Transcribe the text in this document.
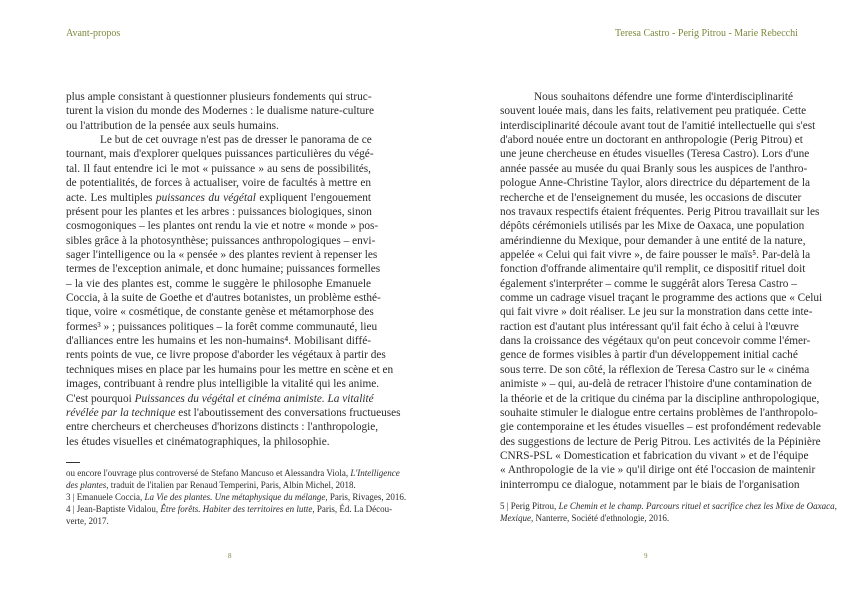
Avant-propos	Teresa Castro - Perig Pitrou - Marie Rebecchi
plus ample consistant à questionner plusieurs fondements qui struc-
turent la vision du monde des Modernes : le dualisme nature-culture
ou l'attribution de la pensée aux seuls humains.
Le but de cet ouvrage n'est pas de dresser le panorama de ce
tournant, mais d'explorer quelques puissances particulières du végé-
tal. Il faut entendre ici le mot « puissance » au sens de possibilités,
de potentialités, de forces à actualiser, voire de facultés à mettre en
acte. Les multiples puissances du végétal expliquent l'engouement
présent pour les plantes et les arbres : puissances biologiques, sinon
cosmogoniques – les plantes ont rendu la vie et notre « monde » pos-
sibles grâce à la photosynthèse; puissances anthropologiques – envi-
sager l'intelligence ou la « pensée » des plantes revient à repenser les
termes de l'exception animale, et donc humaine; puissances formelles
– la vie des plantes est, comme le suggère le philosophe Emanuele
Coccia, à la suite de Goethe et d'autres botanistes, un problème esthé-
tique, voire « cosmétique, de constante genèse et métamorphose des
formes³ » ; puissances politiques – la forêt comme communauté, lieu
d'alliances entre les humains et les non-humains⁴. Mobilisant diffé-
rents points de vue, ce livre propose d'aborder les végétaux à partir des
techniques mises en place par les humains pour les mettre en scène et en
images, contribuant à rendre plus intelligible la vitalité qui les anime.
C'est pourquoi Puissances du végétal et cinéma animiste. La vitalité
révélée par la technique est l'aboutissement des conversations fructueuses
entre chercheurs et chercheuses d'horizons distincts : l'anthropologie,
les études visuelles et cinématographiques, la philosophie.
ou encore l'ouvrage plus controversé de Stefano Mancuso et Alessandra Viola, L'Intelligence
des plantes, traduit de l'italien par Renaud Temperini, Paris, Albin Michel, 2018.
3 | Emanuele Coccia, La Vie des plantes. Une métaphysique du mélange, Paris, Rivages, 2016.
4 | Jean-Baptiste Vidalou, Être forêts. Habiter des territoires en lutte, Paris, Éd. La Décou-
verte, 2017.
8
Nous souhaitons défendre une forme d'interdisciplinarité
souvent louée mais, dans les faits, relativement peu pratiquée. Cette
interdisciplinarité découle avant tout de l'amitié intellectuelle qui s'est
d'abord nouée entre un doctorant en anthropologie (Perig Pitrou) et
une jeune chercheuse en études visuelles (Teresa Castro). Lors d'une
année passée au musée du quai Branly sous les auspices de l'anthro-
pologue Anne-Christine Taylor, alors directrice du département de la
recherche et de l'enseignement du musée, les occasions de discuter
nos travaux respectifs étaient fréquentes. Perig Pitrou travaillait sur les
dépôts cérémoniels utilisés par les Mixe de Oaxaca, une population
amérindienne du Mexique, pour demander à une entité de la nature,
appelée « Celui qui fait vivre », de faire pousser le maïs⁵. Par-delà la
fonction d'offrande alimentaire qu'il remplit, ce dispositif rituel doit
également s'interpréter – comme le suggérât alors Teresa Castro –
comme un cadrage visuel traçant le programme des actions que « Celui
qui fait vivre » doit réaliser. Le jeu sur la monstration dans cette inte-
raction est d'autant plus intéressant qu'il fait écho à celui à l'œuvre
dans la croissance des végétaux qu'on peut concevoir comme l'émer-
gence de formes visibles à partir d'un développement initial caché
sous terre. De son côté, la réflexion de Teresa Castro sur le « cinéma
animiste » – qui, au-delà de retracer l'histoire d'une contamination de
la théorie et de la critique du cinéma par la discipline anthropologique,
souhaite stimuler le dialogue entre certains problèmes de l'anthropolo-
gie contemporaine et les études visuelles – est profondément redevable
des suggestions de lecture de Perig Pitrou. Les activités de la Pépinière
CNRS-PSL « Domestication et fabrication du vivant » et de l'équipe
« Anthropologie de la vie » qu'il dirige ont été l'occasion de maintenir
ininterrompu ce dialogue, notamment par le biais de l'organisation
5 | Perig Pitrou, Le Chemin et le champ. Parcours rituel et sacrifice chez les Mixe de Oaxaca,
Mexique, Nanterre, Société d'ethnologie, 2016.
9
